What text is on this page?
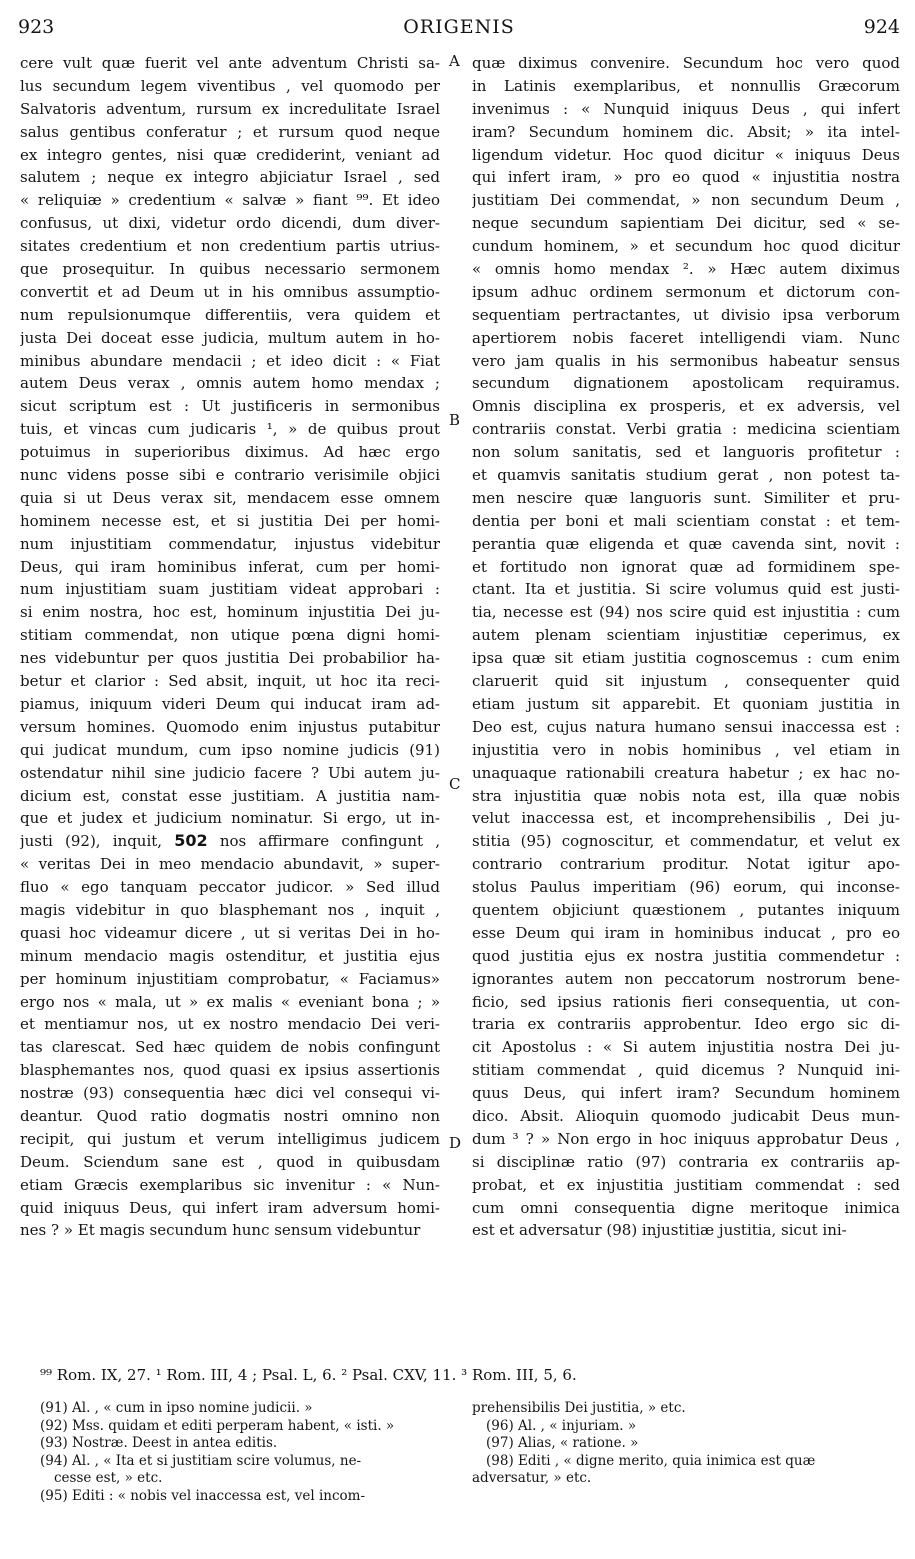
923	ORIGENIS	924
cere vult quæ fuerit vel ante adventum Christi sa-
lus secundum legem viventibus , vel quomodo per
Salvatoris adventum, rursum ex incredulitate Israel
salus gentibus conferatur ; et rursum quod neque
ex integro gentes, nisi quæ crediderint, veniant ad
salutem ; neque ex integro abjiciatur Israel , sed
« reliquiæ » credentium « salvæ » fiant ⁹⁹. Et ideo
confusus, ut dixi, videtur ordo dicendi, dum diver-
sitates credentium et non credentium partis utrius-
que prosequitur. In quibus necessario sermonem
convertit et ad Deum ut in his omnibus assumptio-
num repulsionumque differentiis, vera quidem et
justa Dei doceat esse judicia, multum autem in ho-
minibus abundare mendacii ; et ideo dicit : « Fiat
autem Deus verax , omnis autem homo mendax ;
sicut scriptum est : Ut justificeris in sermonibus
tuis, et vincas cum judicaris ¹, » de quibus prout
potuimus in superioribus diximus. Ad hæc ergo
nunc videns posse sibi e contrario verisimile objici
quia si ut Deus verax sit, mendacem esse omnem
hominem necesse est, et si justitia Dei per homi-
num injustitiam commendatur, injustus videbitur
Deus, qui iram hominibus inferat, cum per homi-
num injustitiam suam justitiam videat approbari :
si enim nostra, hoc est, hominum injustitia Dei ju-
stitiam commendat, non utique pœna digni homi-
nes videbuntur per quos justitia Dei probabilior ha-
betur et clarior : Sed absit, inquit, ut hoc ita reci-
piamus, iniquum videri Deum qui inducat iram ad-
versum homines. Quomodo enim injustus putabitur
qui judicat mundum, cum ipso nomine judicis (91)
ostendatur nihil sine judicio facere ? Ubi autem ju-
dicium est, constat esse justitiam. A justitia nam-
que et judex et judicium nominatur. Si ergo, ut in-
justi (92), inquit, 502 nos affirmare confingunt ,
« veritas Dei in meo mendacio abundavit, » super-
fluo « ego tanquam peccator judicor. » Sed illud
magis videbitur in quo blasphemant nos , inquit ,
quasi hoc videamur dicere , ut si veritas Dei in ho-
minum mendacio magis ostenditur, et justitia ejus
per hominum injustitiam comprobatur, « Faciamus»
ergo nos « mala, ut » ex malis « eveniant bona ; »
et mentiamur nos, ut ex nostro mendacio Dei veri-
tas clarescat. Sed hæc quidem de nobis confingunt
blasphemantes nos, quod quasi ex ipsius assertionis
nostræ (93) consequentia hæc dici vel consequi vi-
deantur. Quod ratio dogmatis nostri omnino non
recipit, qui justum et verum intelligimus judicem
Deum. Sciendum sane est , quod in quibusdam
etiam Græcis exemplaribus sic invenitur : « Nun-
quid iniquus Deus, qui infert iram adversum homi-
nes ? » Et magis secundum hunc sensum videbuntur
quæ diximus convenire. Secundum hoc vero quod
in Latinis exemplaribus, et nonnullis Græcorum
invenimus : « Nunquid iniquus Deus , qui infert
iram? Secundum hominem dic. Absit; » ita intel-
ligendum videtur. Hoc quod dicitur « iniquus Deus
qui infert iram, » pro eo quod « injustitia nostra
justitiam Dei commendat, » non secundum Deum ,
neque secundum sapientiam Dei dicitur, sed « se-
cundum hominem, » et secundum hoc quod dicitur
« omnis homo mendax ². » Hæc autem diximus
ipsum adhuc ordinem sermonum et dictorum con-
sequentiam pertractantes, ut divisio ipsa verborum
apertiorem nobis faceret intelligendi viam. Nunc
vero jam qualis in his sermonibus habeatur sensus
secundum dignationem apostolicam requiramus.
Omnis disciplina ex prosperis, et ex adversis, vel
contrariis constat. Verbi gratia : medicina scientiam
non solum sanitatis, sed et languoris profitetur :
et quamvis sanitatis studium gerat , non potest ta-
men nescire quæ languoris sunt. Similiter et pru-
dentia per boni et mali scientiam constat : et tem-
perantia quæ eligenda et quæ cavenda sint, novit :
et fortitudo non ignorat quæ ad formidinem spe-
ctant. Ita et justitia. Si scire volumus quid est justi-
tia, necesse est (94) nos scire quid est injustitia : cum
autem plenam scientiam injustitiæ ceperimus, ex
ipsa quæ sit etiam justitia cognoscemus : cum enim
claruerit quid sit injustum , consequenter quid
etiam justum sit apparebit. Et quoniam justitia in
Deo est, cujus natura humano sensui inaccessa est :
injustitia vero in nobis hominibus , vel etiam in
unaquaque rationabili creatura habetur ; ex hac no-
stra injustitia quæ nobis nota est, illa quæ nobis
velut inaccessa est, et incomprehensibilis , Dei ju-
stitia (95) cognoscitur, et commendatur, et velut ex
contrario contrarium proditur. Notat igitur apo-
stolus Paulus imperitiam (96) eorum, qui inconse-
quentem objiciunt quæstionem , putantes iniquum
esse Deum qui iram in hominibus inducat , pro eo
quod justitia ejus ex nostra justitia commendetur :
ignorantes autem non peccatorum nostrorum bene-
ficio, sed ipsius rationis fieri consequentia, ut con-
traria ex contrariis approbentur. Ideo ergo sic di-
cit Apostolus : « Si autem injustitia nostra Dei ju-
stitiam commendat , quid dicemus ? Nunquid ini-
quus Deus, qui infert iram? Secundum hominem
dico. Absit. Alioquin quomodo judicabit Deus mun-
dum ³ ? » Non ergo in hoc iniquus approbatur Deus ,
si disciplinæ ratio (97) contraria ex contrariis ap-
probat, et ex injustitia justitiam commendat : sed
cum omni consequentia digne meritoque inimica
est et adversatur (98) injustitiæ justitia, sicut ini-
A
B
C
D
⁹⁹ Rom. IX, 27. ¹ Rom. III, 4 ; Psal. L, 6. ² Psal. CXV, 11. ³ Rom. III, 5, 6.
(91) Al. , « cum in ipso nomine judicii. »
(92) Mss. quidam et editi perperam habent, « isti. »
(93) Nostræ. Deest in antea editis.
(94) Al. , « Ita et si justitiam scire volumus, ne-
cesse est, » etc.
(95) Editi : « nobis vel inaccessa est, vel incom-
prehensibilis Dei justitia, » etc.
(96) Al. , « injuriam. »
(97) Alias, « ratione. »
(98) Editi , « digne merito, quia inimica est quæ
adversatur, » etc.
